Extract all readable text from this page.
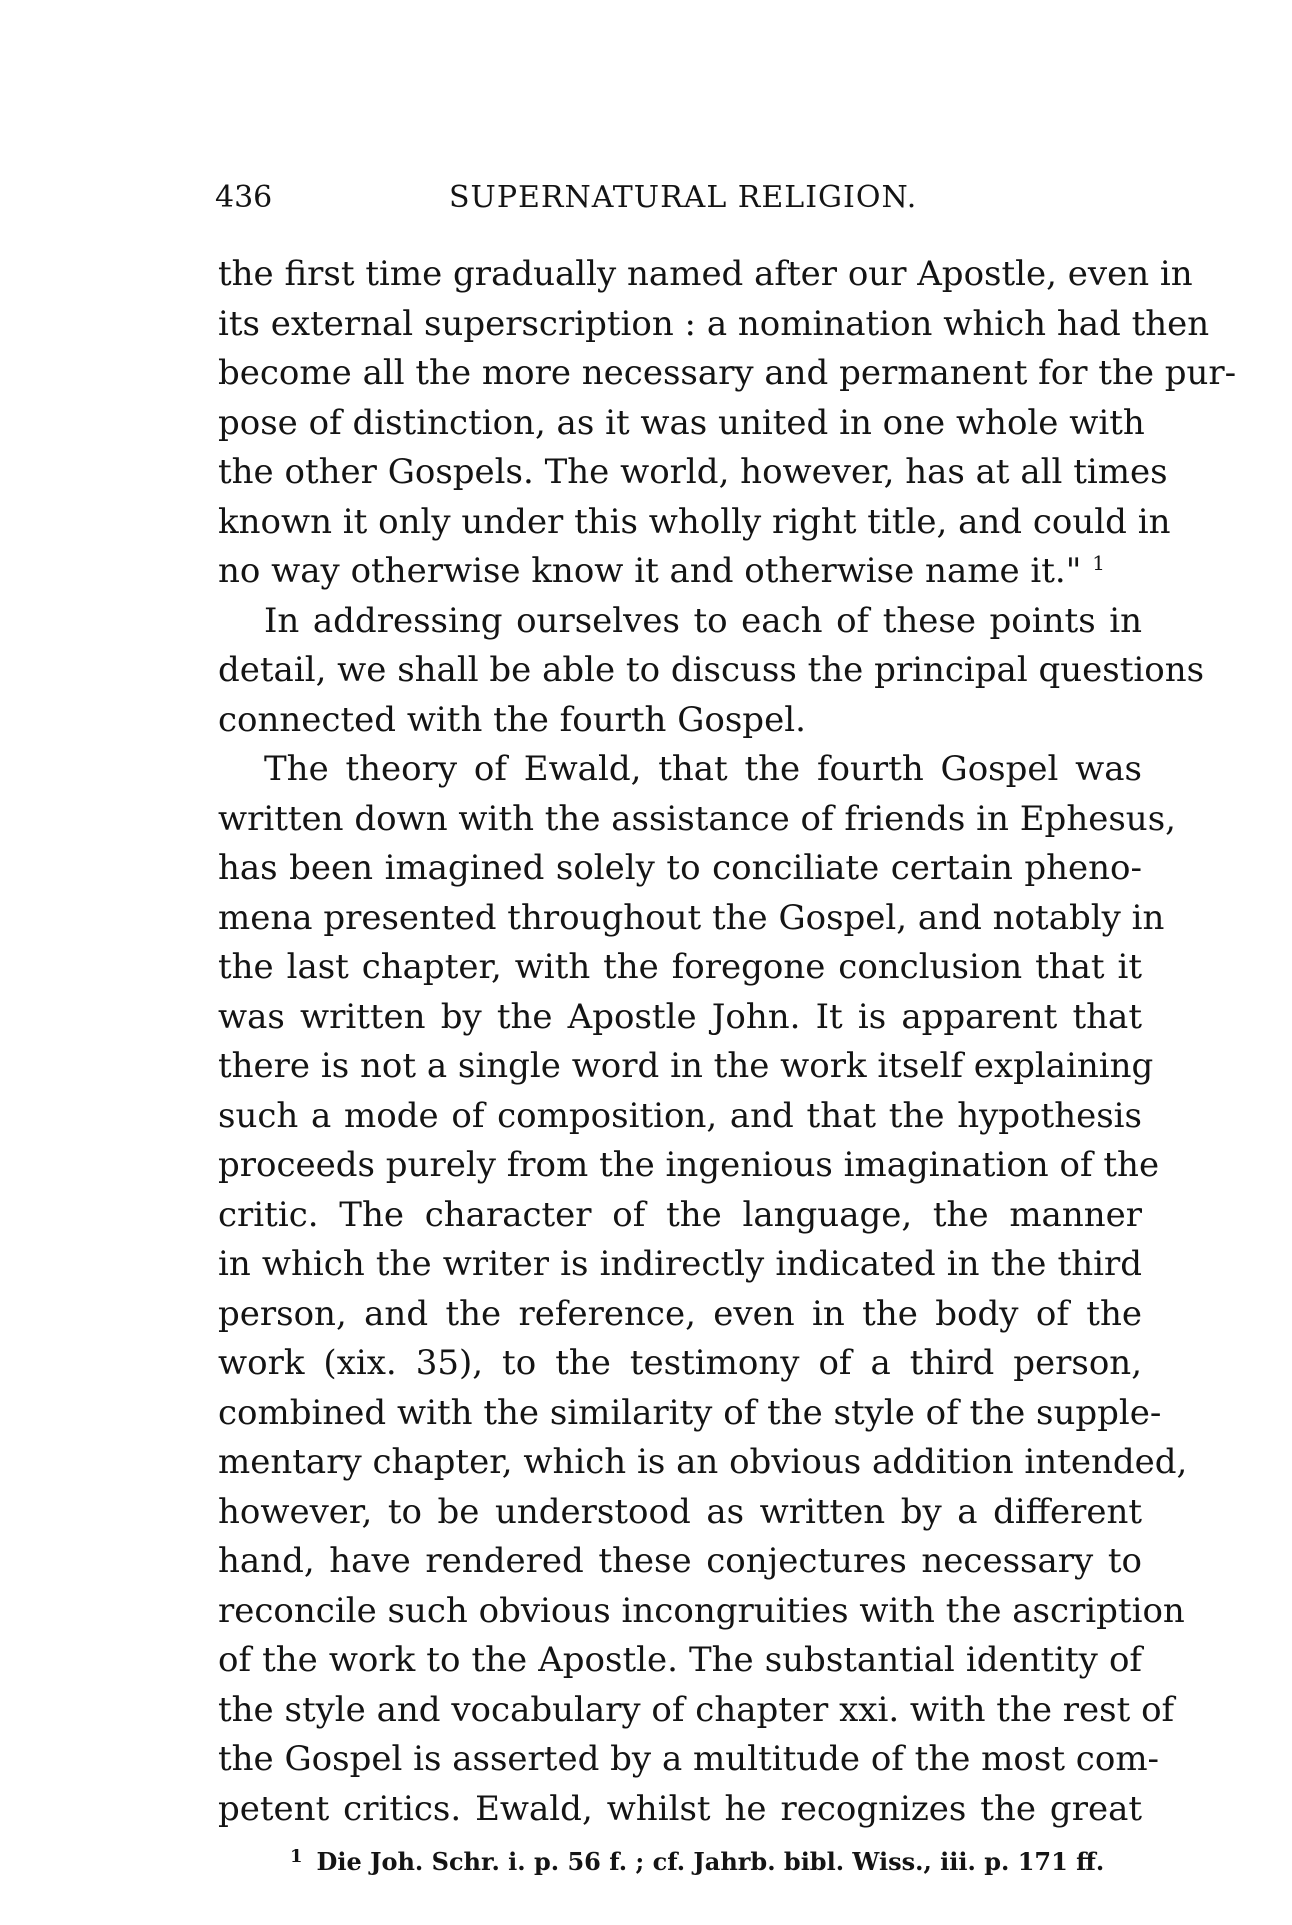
436	SUPERNATURAL RELIGION.
the first time gradually named after our Apostle, even in
its external superscription : a nomination which had then
become all the more necessary and permanent for the pur-
pose of distinction, as it was united in one whole with
the other Gospels. The world, however, has at all times
known it only under this wholly right title, and could in
no way otherwise know it and otherwise name it." $^1$
In addressing ourselves to each of these points in
detail, we shall be able to discuss the principal questions
connected with the fourth Gospel.
The theory of Ewald, that the fourth Gospel was
written down with the assistance of friends in Ephesus,
has been imagined solely to conciliate certain pheno-
mena presented throughout the Gospel, and notably in
the last chapter, with the foregone conclusion that it
was written by the Apostle John. It is apparent that
there is not a single word in the work itself explaining
such a mode of composition, and that the hypothesis
proceeds purely from the ingenious imagination of the
critic. The character of the language, the manner
in which the writer is indirectly indicated in the third
person, and the reference, even in the body of the
work (xix. 35), to the testimony of a third person,
combined with the similarity of the style of the supple-
mentary chapter, which is an obvious addition intended,
however, to be understood as written by a different
hand, have rendered these conjectures necessary to
reconcile such obvious incongruities with the ascription
of the work to the Apostle. The substantial identity of
the style and vocabulary of chapter xxi. with the rest of
the Gospel is asserted by a multitude of the most com-
petent critics. Ewald, whilst he recognizes the great
$^1$ Die Joh. Schr. i. p. 56 f. ; cf. Jahrb. bibl. Wiss., iii. p. 171 ff.
